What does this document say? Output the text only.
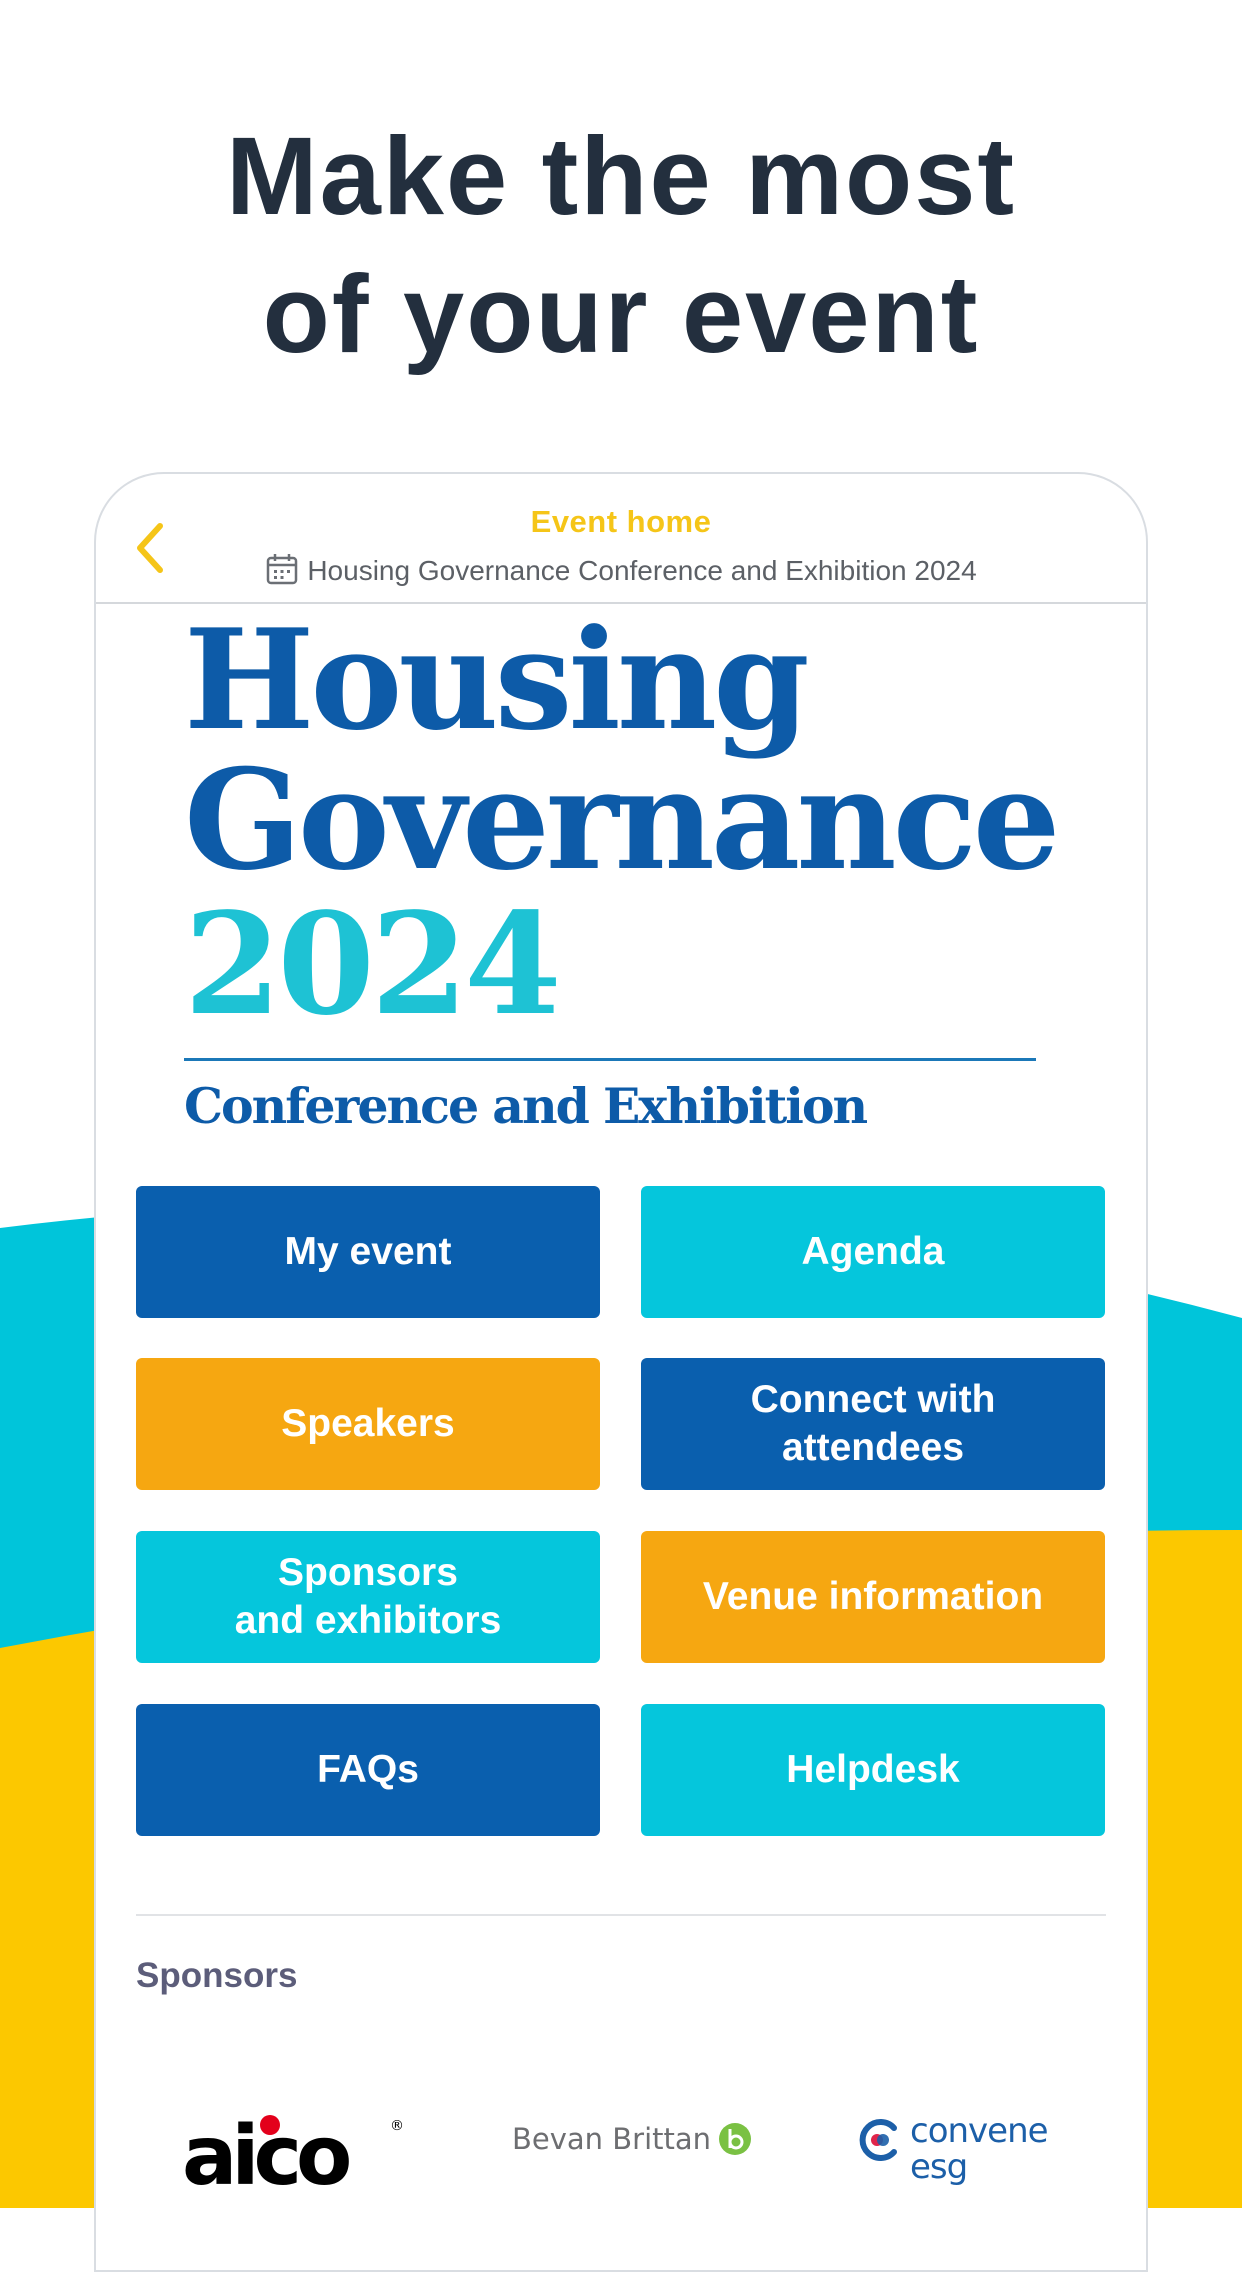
Make the most
of your event
Event home
Housing Governance Conference and Exhibition 2024
Housing
Governance
2024
Conference and Exhibition
My event	Agenda
Speakers
Connect with
attendees
Sponsors
and exhibitors
Venue information
FAQs	Helpdesk
Sponsors
aico	®	Bevan Brittan	convene
esg
